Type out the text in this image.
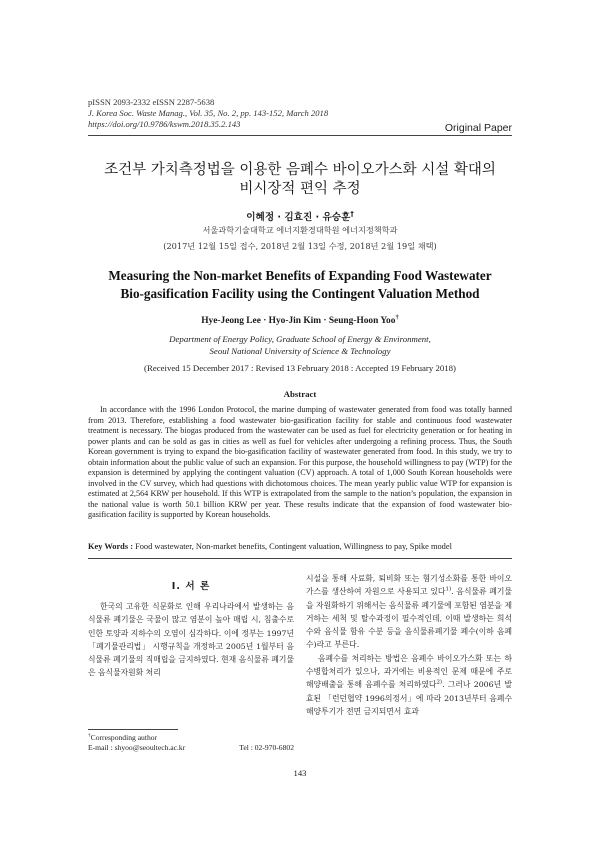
pISSN 2093-2332 eISSN 2287-5638
J. Korea Soc. Waste Manag., Vol. 35, No. 2, pp. 143-152, March 2018
https://doi.org/10.9786/kswm.2018.35.2.143	Original Paper
조건부 가치측정법을 이용한 음폐수 바이오가스화 시설 확대의
비시장적 편익 추정
이혜정 · 김효진 · 유승훈†
서울과학기술대학교 에너지환경대학원 에너지정책학과
(2017년 12월 15일 접수, 2018년 2월 13일 수정, 2018년 2월 19일 채택)
Measuring the Non-market Benefits of Expanding Food Wastewater
Bio-gasification Facility using the Contingent Valuation Method
Hye-Jeong Lee · Hyo-Jin Kim · Seung-Hoon Yoo†
Department of Energy Policy, Graduate School of Energy & Environment,
Seoul National University of Science & Technology
(Received 15 December 2017 : Revised 13 February 2018 : Accepted 19 February 2018)
Abstract
In accordance with the 1996 London Protocol, the marine dumping of wastewater generated from food was totally banned from 2013. Therefore, establishing a food wastewater bio-gasification facility for stable and continuous food wastewater treatment is necessary. The biogas produced from the wastewater can be used as fuel for electricity generation or for heating in power plants and can be sold as gas in cities as well as fuel for vehicles after undergoing a refining process. Thus, the South Korean government is trying to expand the bio-gasification facility of wastewater generated from food. In this study, we try to obtain information about the public value of such an expansion. For this purpose, the household willingness to pay (WTP) for the expansion is determined by applying the contingent valuation (CV) approach. A total of 1,000 South Korean households were involved in the CV survey, which had questions with dichotomous choices. The mean yearly public value WTP for expansion is estimated at 2,564 KRW per household. If this WTP is extrapolated from the sample to the nation’s population, the expansion in the national value is worth 50.1 billion KRW per year. These results indicate that the expansion of food wastewater bio-gasification facility is supported by Korean households.
Key Words : Food wastewater, Non-market benefits, Contingent valuation, Willingness to pay, Spike model
I. 서 론

한국의 고유한 식문화로 인해 우리나라에서 발생하는 음식물류 폐기물은 국물이 많고 염분이 높아 매립 시, 침출수로 인한 토양과 지하수의 오염이 심각하다. 이에 정부는 1997년 「폐기물관리법」 시행규칙을 개정하고 2005년 1월부터 음식물류 폐기물의 직매립을 금지하였다. 현재 음식물류 폐기물은 음식물자원화 처리

시설을 통해 사료화, 퇴비화 또는 혐기성소화를 통한 바이오가스를 생산하여 자원으로 사용되고 있다$^{1)}$. 음식물류 폐기물을 자원화하기 위해서는 음식물류 폐기물에 포함된 염분을 제거하는 세척 및 탈수과정이 필수적인데, 이때 발생하는 희석수와 음식물 함유 수분 등을 음식물류폐기물 폐수(이하 음폐수)라고 부른다.

음폐수를 처리하는 방법은 음폐수 바이오가스화 또는 하수병합처리가 있으나, 과거에는 비용적인 문제 때문에 주로 해양배출을 통해 음폐수를 처리하였다$^{2)}$. 그러나 2006년 발효된 「런던협약 1996의정서」에 따라 2013년부터 음폐수 해양투기가 전면 금지되면서 효과

†Corresponding author
E-mail : shyoo@seoultech.ac.kr	Tel : 02-970-6802
143
